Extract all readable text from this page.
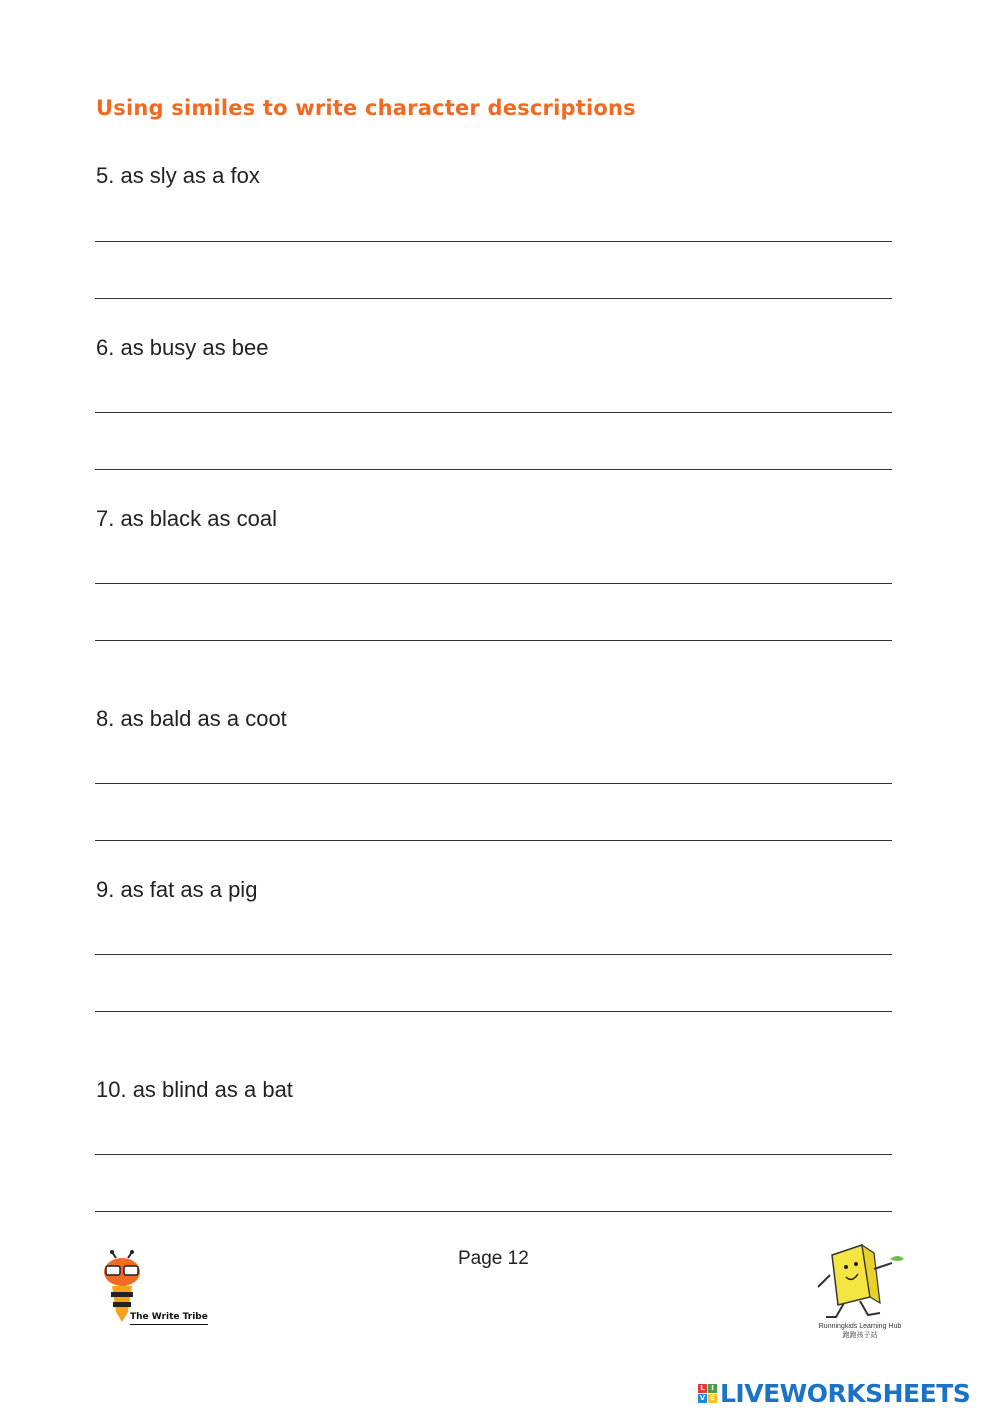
Using similes to write character descriptions
5. as sly as a fox
6. as busy as bee
7. as black as coal
8. as bald as a coot
9. as fat as a pig
10. as blind as a bat
Page 12
The Write Tribe
Runningkids Learning Hub
跑跑孩子站
L I
V E LIVEWORKSHEETS
